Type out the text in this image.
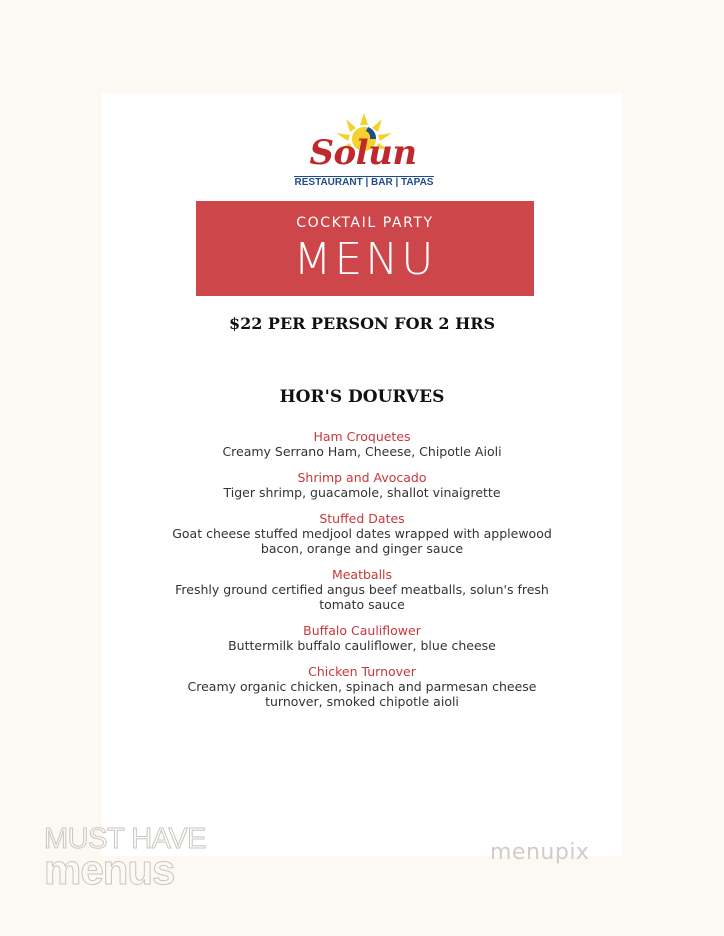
Solun
RESTAURANT | BAR | TAPAS
COCKTAIL PARTY
MENU
$22 PER PERSON FOR 2 HRS
HOR'S DOURVES
Ham Croquetes
Creamy Serrano Ham, Cheese, Chipotle Aioli
Shrimp and Avocado
Tiger shrimp, guacamole, shallot vinaigrette
Stuffed Dates
Goat cheese stuffed medjool dates wrapped with applewood bacon, orange and ginger sauce
Meatballs
Freshly ground certified angus beef meatballs, solun's fresh tomato sauce
Buffalo Cauliflower
Buttermilk buffalo cauliflower, blue cheese
Chicken Turnover
Creamy organic chicken, spinach and parmesan cheese turnover, smoked chipotle aioli
MUST HAVE
menus	menupix
